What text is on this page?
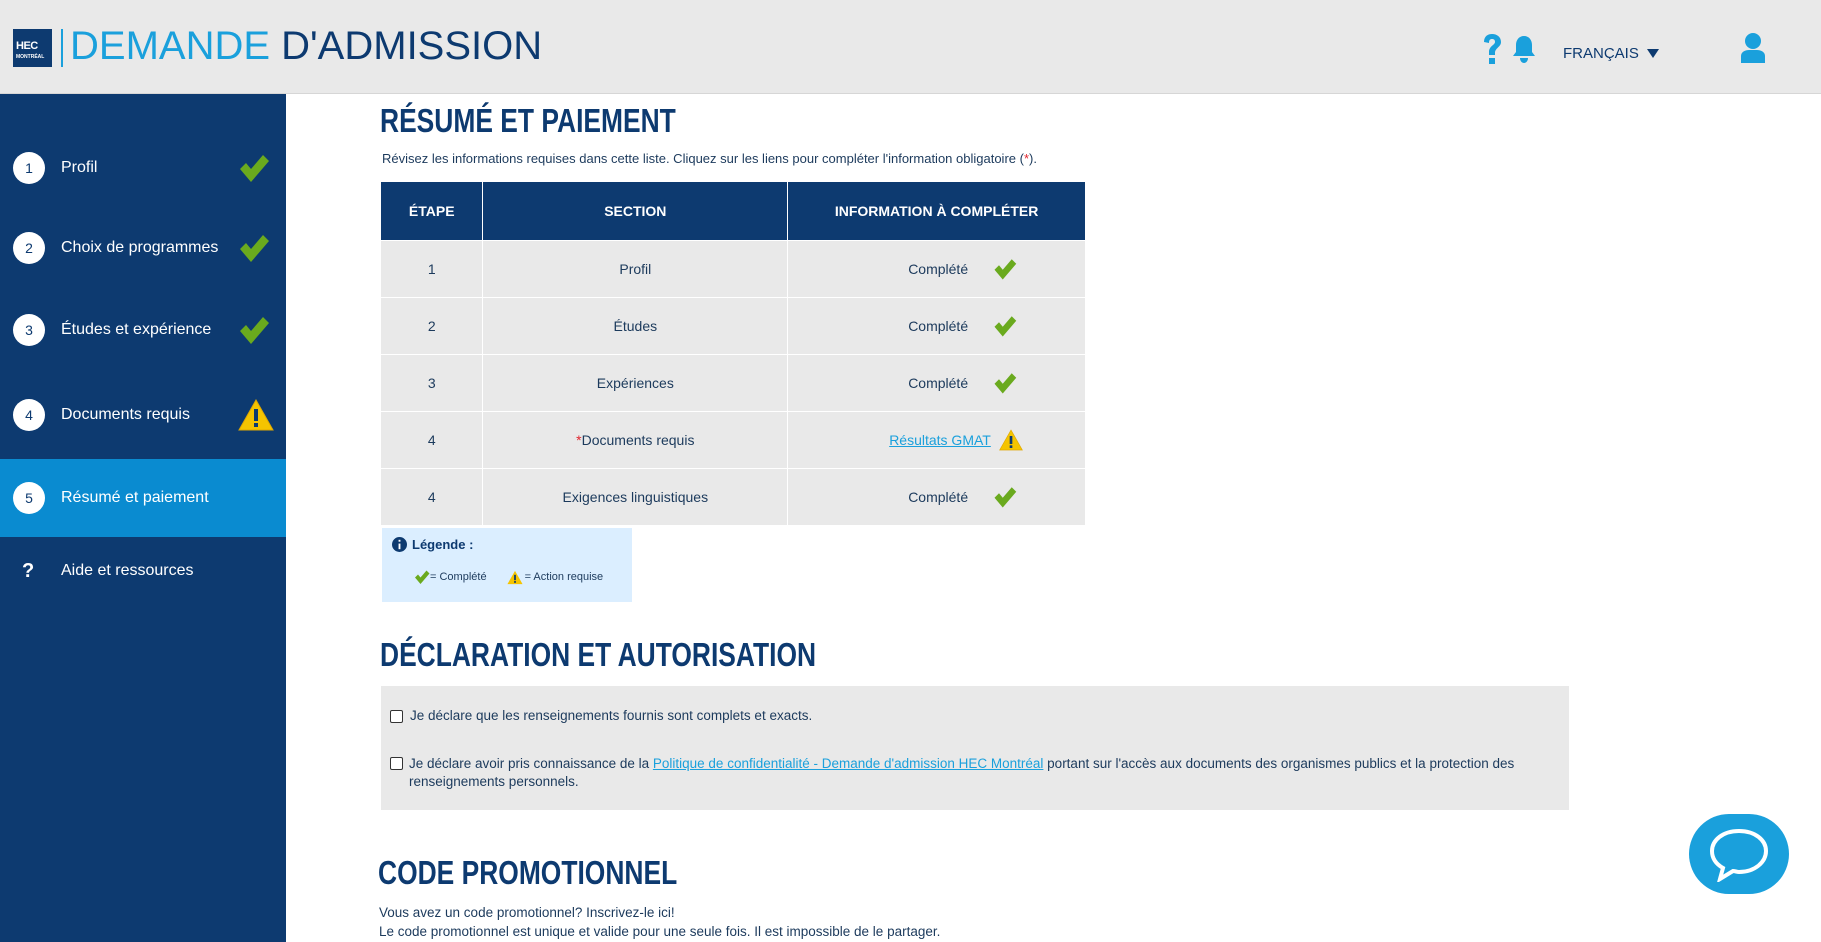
HEC
MONTRÉAL DEMANDE D'ADMISSION	FRANÇAIS
1	Profil
2	Choix de programmes
3	Études et expérience
4	Documents requis
5	Résumé et paiement
? Aide et ressources
RÉSUMÉ ET PAIEMENT
Révisez les informations requises dans cette liste. Cliquez sur les liens pour compléter l'information obligatoire (*).
ÉTAPE	SECTION	INFORMATION À COMPLÉTER
1	Profil	Complété

2	Études	Complété

3	Expériences	Complété

4	*Documents requis	Résultats GMAT

4	Exigences linguistiques	Complété
Légende :
= Complété	= Action requise
DÉCLARATION ET AUTORISATION
Je déclare que les renseignements fournis sont complets et exacts.
Je déclare avoir pris connaissance de la Politique de confidentialité - Demande d'admission HEC Montréal portant sur l'accès aux documents des organismes publics et la protection des renseignements personnels.
CODE PROMOTIONNEL
Vous avez un code promotionnel? Inscrivez-le ici!
Le code promotionnel est unique et valide pour une seule fois. Il est impossible de le partager.
